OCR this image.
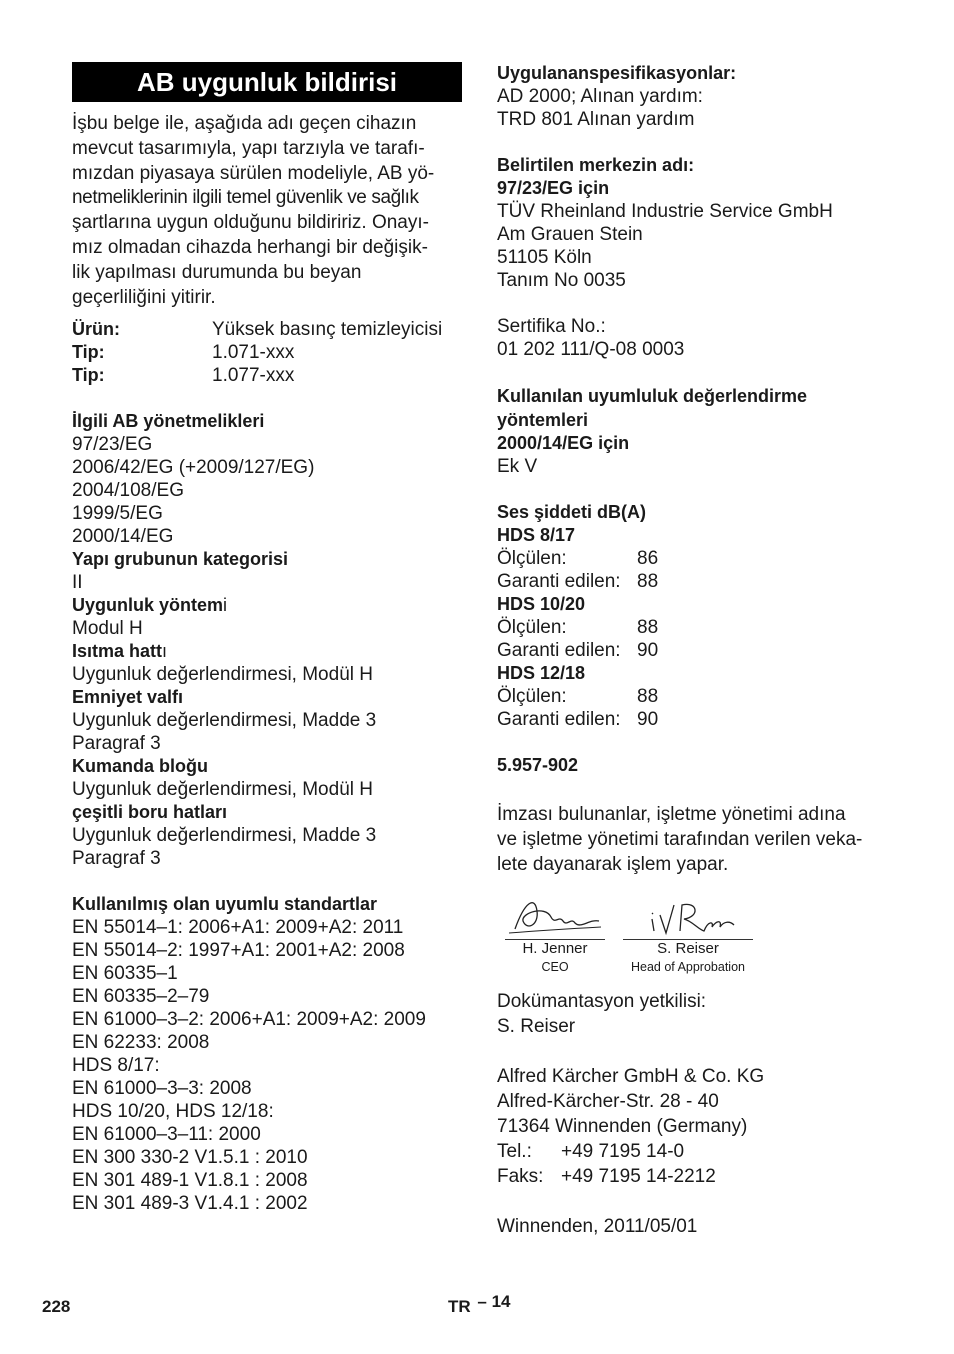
AB uygunluk bildirisi

İşbu belge ile, aşağıda adı geçen cihazın

mevcut tasarımıyla, yapı tarzıyla ve tarafı-

mızdan piyasaya sürülen modeliyle, AB yö-

netmeliklerinin ilgili temel güvenlik ve sağlık

şartlarına uygun olduğunu bildiririz. Onayı-

mız olmadan cihazda herhangi bir değişik-

lik yapılması durumunda bu beyan

geçerliliğini yitirir.

Ürün:	Yüksek basınç temizleyicisi
Tip:	1.071-xxx
Tip:	1.077-xxx
İlgili AB yönetmelikleri
97/23/EG
2006/42/EG (+2009/127/EG)
2004/108/EG
1999/5/EG
2000/14/EG
Yapı grubunun kategorisi
II
Uygunluk yöntemi
Modul H
Isıtma hattı
Uygunluk değerlendirmesi, Modül H
Emniyet valfı
Uygunluk değerlendirmesi, Madde 3
Paragraf 3
Kumanda bloğu
Uygunluk değerlendirmesi, Modül H
çeşitli boru hatları
Uygunluk değerlendirmesi, Madde 3
Paragraf 3
Kullanılmış olan uyumlu standartlar
EN 55014–1: 2006+A1: 2009+A2: 2011
EN 55014–2: 1997+A1: 2001+A2: 2008
EN 60335–1
EN 60335–2–79
EN 61000–3–2: 2006+A1: 2009+A2: 2009
EN 62233: 2008
HDS 8/17:
EN 61000–3–3: 2008
HDS 10/20, HDS 12/18:
EN 61000–3–11: 2000
EN 300 330-2 V1.5.1 : 2010
EN 301 489-1 V1.8.1 : 2008
EN 301 489-3 V1.4.1 : 2002
Uygulananspesifikasyonlar:
AD 2000; Alınan yardım:
TRD 801 Alınan yardım
Belirtilen merkezin adı:
97/23/EG için
TÜV Rheinland Industrie Service GmbH
Am Grauen Stein
51105 Köln
Tanım No 0035
Sertifika No.:
01 202 111/Q-08 0003
Kullanılan uyumluluk değerlendirme
yöntemleri
2000/14/EG için
Ek V
Ses şiddeti dB(A)
HDS 8/17
Ölçülen:	86
Garanti edilen: 88
HDS 10/20
Ölçülen:	88
Garanti edilen: 90
HDS 12/18
Ölçülen:	88
Garanti edilen: 90
5.957-902

İmzası bulunanlar, işletme yönetimi adına

ve işletme yönetimi tarafından verilen veka-

lete dayanarak işlem yapar.

H. Jenner
CEO
S. Reiser
Head of Approbation
Dokümantasyon yetkilisi:
S. Reiser
Alfred Kärcher GmbH & Co. KG
Alfred-Kärcher-Str. 28 - 40
71364 Winnenden (Germany)
Tel.:	+49 7195 14-0
Faks: +49 7195 14-2212
Winnenden, 2011/05/01
228	TR – 14
